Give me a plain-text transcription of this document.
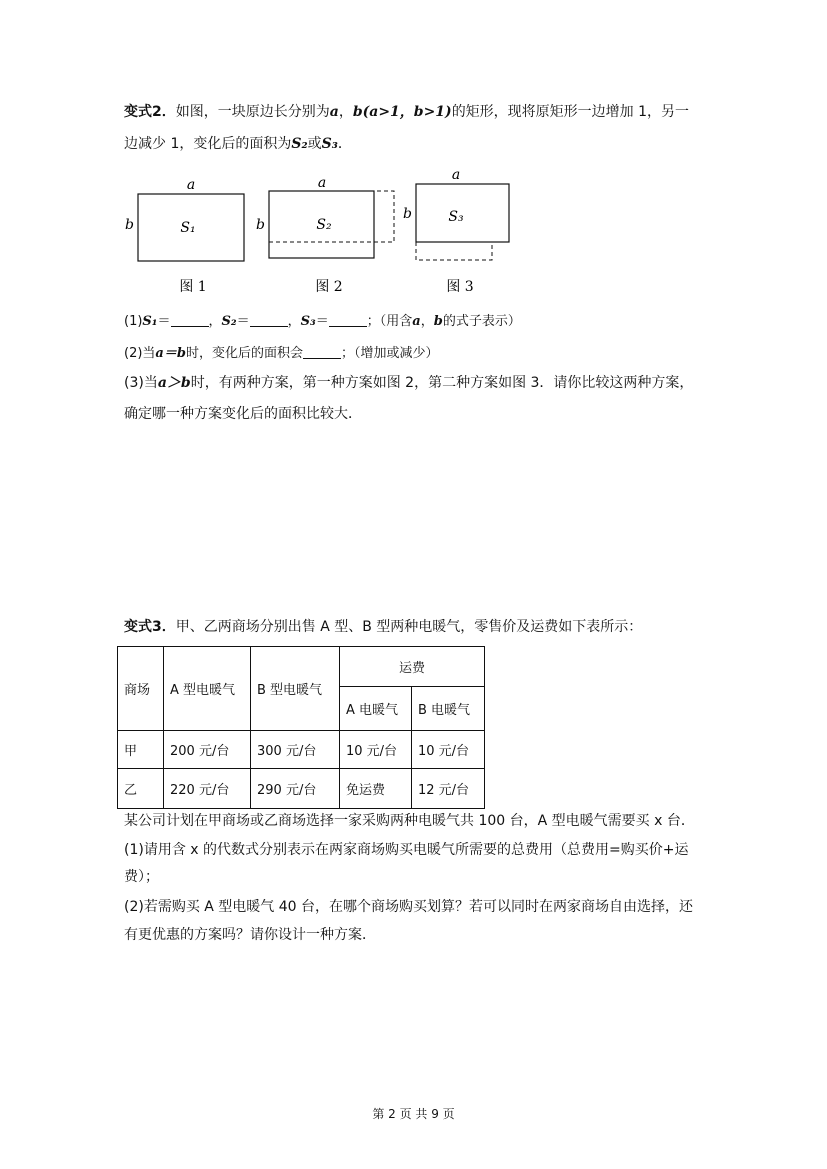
变式2．如图，一块原边长分别为a，b(a>1，b>1)的矩形，现将原矩形一边增加 1，另一
边减少 1，变化后的面积为S₂或S₃．
a
b	S₁
图 1
a
b	S₂
图 2
a
b	S₃
图 3
(1)S₁＝	，S₂＝	，S₃＝	；（用含a，b的式子表示）
(2)当a＝b时，变化后的面积会	；（增加或减少）
(3)当a＞b时，有两种方案，第一种方案如图 2，第二种方案如图 3．请你比较这两种方案，
确定哪一种方案变化后的面积比较大．
变式3．甲、乙两商场分别出售 A 型、B 型两种电暖气，零售价及运费如下表所示：
商场	A 型电暖气	B 型电暖气	运费	
			A 电暖气	B 电暖气
甲	200 元/台	300 元/台	10 元/台	10 元/台
乙	220 元/台	290 元/台	免运费	12 元/台
某公司计划在甲商场或乙商场选择一家采购两种电暖气共 100 台，A 型电暖气需要买 x 台．
(1)请用含 x 的代数式分别表示在两家商场购买电暖气所需要的总费用（总费用=购买价+运
费）；
(2)若需购买 A 型电暖气 40 台，在哪个商场购买划算？若可以同时在两家商场自由选择，还
有更优惠的方案吗？请你设计一种方案．
第 2 页 共 9 页
